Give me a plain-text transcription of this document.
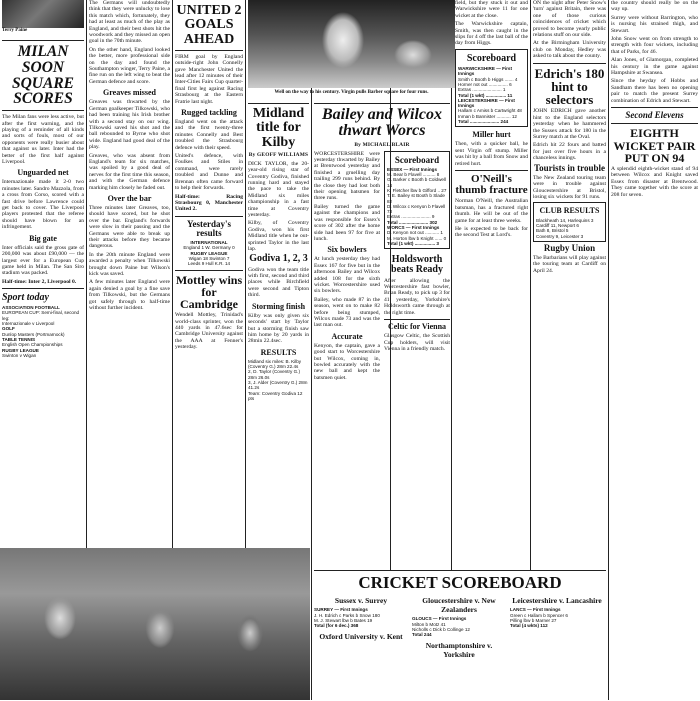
Terry Paine
MILAN SOON SQUARE SCORES

The Milan fans were less active, but after the first warning, and the playing of a reminder of all kinds and sorts of fouls, most of our opponents were really busier about that against us later. Inter had the better of the first half against Liverpool.

Unguarded net

Internazionale made it 2-0 two minutes later. Sandro Mazzola, from a cross from Corso, scored with a fast drive before Lawrence could get back to cover. The Liverpool players protested that the referee should have blown for an infringement.

Big gate

Inter officials said the gross gate of 200,000 was about £90,000 — the largest ever for a European Cup game held in Milan. The San Siro stadium was packed.

Half-time: Inter 2, Liverpool 0.

Sport today
ASSOCIATION FOOTBALL
EUROPEAN CUP: Semi-final, second leg:
Internazionale v Liverpool
GOLF
Dunlop Masters (Portmarnock)
TABLE TENNIS
English Open Championships
RUGBY LEAGUE
Swinton v Wigan

The Germans will undoubtedly think that they were unlucky to lose this match which, fortunately, they had at least as much of the play as England, and their best shots hit the woodwork and they missed an open goal in the 70th minute.

On the other hand, England looked the better, more professional side on the day and found the Southampton winger, Terry Paine, a fine run on the left wing to beat the German defence and score.

Greaves missed

Greaves was thwarted by the German goalkeeper Tilkowski, who had been training his Irish brother with a second stay on our wing. Tilkowski saved his shot and the ball rebounded to Byrne who shot wide. England had good deal of the play.

Greaves, who was absent from England's team for six matches, was spoiled by a good deal of nerves for the first time this season, and with the German defence marking him closely he faded out.

Over the bar

Three minutes later Greaves, too, should have scored, but he shot over the bar. England's forwards were slow in their passing and the Germans were able to break up their attacks before they became dangerous.

In the 20th minute England were awarded a penalty when Tilkowski brought down Paine but Wilson's kick was saved.

A few minutes later England were again denied a goal by a fine save from Tilkowski, but the Germans got safely through to half-time without further incident.

UNITED 2 GOALS AHEAD

FIRM goal by England outside-right John Connelly gave Manchester United the lead after 12 minutes of their Inter-Cities Fairs Cup quarter-final first leg against Racing Strasbourg at the Eastern Fratrie last night.

Rugged tackling

England went on the attack and the first twenty-three minutes Connelly and Best troubled the Strasbourg defence with their speed.

United's defence, with Foulkes and Stiles in command, were rarely troubled and Dunne and Brennan often came forward to help their forwards.

Half-time: Racing Strasbourg 0, Manchester United 2.

Yesterday's results
INTERNATIONAL
England 1 W. Germany 0
RUGBY LEAGUE
Wigan 18 Swinton 7
Leeds 9 Hull K.R. 14
Mottley wins for Cambridge

Wendell Mottley, Trinidad's world-class sprinter, won the 440 yards in 47.6sec for Cambridge University against the AAA at Fenner's yesterday.

Well on the way to his century. Virgin pulls Barber square for four runs.
Midland title for Kilby
By GEOFF WILLIAMS

DICK TAYLOR, the 20-year-old rising star of Coventry Godiva, finished running hard and stayed the pace to take the Midland six miles championship in a fast time at Coventry yesterday.

Kilby, of Coventry Godiva, won his first Midland title when he out-sprinted Taylor in the last lap.

Godiva 1, 2, 3

Godiva won the team title with first, second and third places while Birchfield were second and Tipton third.

Storming finish

Kilby was only given six seconds' start by Taylor but a storming finish saw him home by 20 yards in 28min 22.4sec.

RESULTS
Midland six miles: B. Kilby (Coventry G.) 28m 22.4s
2, D. Taylor (Coventry G.) 28m 26.0s
3, J. Alder (Coventry G.) 28m 41.2s
Team: Coventry Godiva 12 pts
Bailey and Wilcox thwart Worcs
By MICHAEL BLAIR

WORCESTERSHIRE were yesterday thwarted by Bailey at Brentwood yesterday and finished a gruelling day trailing 299 runs behind. By the close they had lost both their opening batsmen for three runs.

Bailey turned the game against the champions and was responsible for Essex's score of 302 after the home side had been 97 for five at lunch.

Six bowlers

At lunch yesterday they had Essex 167 for five but in the afternoon Bailey and Wilcox added 108 for the sixth wicket. Worcestershire used six bowlers.

Bailey, who made 87 in the season, went on to make 82 before being stumped, Wilcox made 73 and was the last man out.

Accurate

Kenyon, the captain, gave a good start to Worcestershire but Wilcox, coming in, bowled accurately with the new ball and kept the batsmen quiet.

Scoreboard
ESSEX — First Innings
M. Bear b Flavell .......... 8
G. Barker c Booth b Coldwell 14
K. Fletcher lbw b Gifford .. 27
T. E. Bailey st Booth b Slade 82
D. Wilcox c Kenyon b Flavell 73
Extras ....................... 9
Total ....................... 302
WORCS — First Innings
D. Kenyon not out ........... 1
M. Horton lbw b Knight ...... 0
Total (1 wkt) ................ 3
Holdsworth beats Ready

After allowing the Worcestershire fast bowler, Brian Ready, to pick up 3 for 41 yesterday, Yorkshire's Holdsworth came through at the right time.

Celtic for Vienna

Glasgow Celtic, the Scottish Cup holders, will visit Vienna in a friendly match.

field, but they stuck it out and Warwickshire were 11 for one wicket at the close.

The Warwickshire captain, Smith, was then caught in the slips for 4 off the last ball of the day from Higgs.

Scoreboard
WARWICKSHIRE — First Innings
Smith c Booth b Higgs ....... 4
Horner not out ............... 6
Extras ....................... 1
Total (1 wkt) ................ 11
LEICESTERSHIRE — First Innings
Hallam c Amiss b Cartwright 48
Inman b Bannister ........... 12
Total ....................... 244
Miller hurt

Then, with a quicker ball, he sent Virgin off stump. Miller was hit by a ball from Snow and retired hurt.

O'Neill's thumb fracture

Norman O'Neill, the Australian batsman, has a fractured right thumb. He will be out of the game for at least three weeks.

He is expected to be back for the second Test at Lord's.

ON the night after Peter Snow's 'turn' against Britain, there was one of those curious coincidences of cricket which proved to become yearly public relations stuff on our side.

At the Birmingham University club on Monday, Hedley was asked to talk about the county.

Edrich's 180 hint to selectors

JOHN EDRICH gave another hint to the England selectors yesterday when he hammered the Sussex attack for 180 in the Surrey match at the Oval.

Edrich hit 22 fours and batted for just over five hours in a chanceless innings.

Tourists in trouble

The New Zealand touring team were in trouble against Gloucestershire at Bristol, losing six wickets for 91 runs.

CLUB RESULTS
Blackheath 14, Harlequins 3
Cardiff 11, Newport 6
Bath 8, Bristol 5
Coventry 9, Leicester 3
Rugby Union

The Barbarians will play against the touring team at Cardiff on April 24.

the country should really be on the way up.

Surrey were without Barrington, who is nursing his strained thigh, and Stewart.

John Snow went on from strength to strength with four wickets, including that of Parks, for 46.

Alan Jones, of Glamorgan, completed his century in the game against Hampshire at Swansea.

Since the heyday of Hobbs and Sandham there has been no opening pair to match the present Surrey combination of Edrich and Stewart.

Second Elevens
EIGHTH WICKET PAIR PUT ON 94

A splendid eighth-wicket stand of 94 between Wilcox and Knight saved Essex from disaster at Brentwood. They came together with the score at 208 for seven.

CRICKET SCOREBOARD
Sussex v. Surrey
SURREY — First Innings
J. H. Edrich c Parks b Snow 180
M. J. Stewart lbw b Bates 19
Total (for 6 dec.) 368
Oxford University v. Kent
Gloucestershire v. New Zealanders
GLOUCS — First Innings
Milton b Motz 41
Nicholls c Dick b Collinge 12
Total 244
Northamptonshire v. Yorkshire
Leicestershire v. Lancashire
LANCS — First Innings
Green c Hallam b Spencer 6
Pilling lbw b Marner 27
Total (4 wkts) 112
